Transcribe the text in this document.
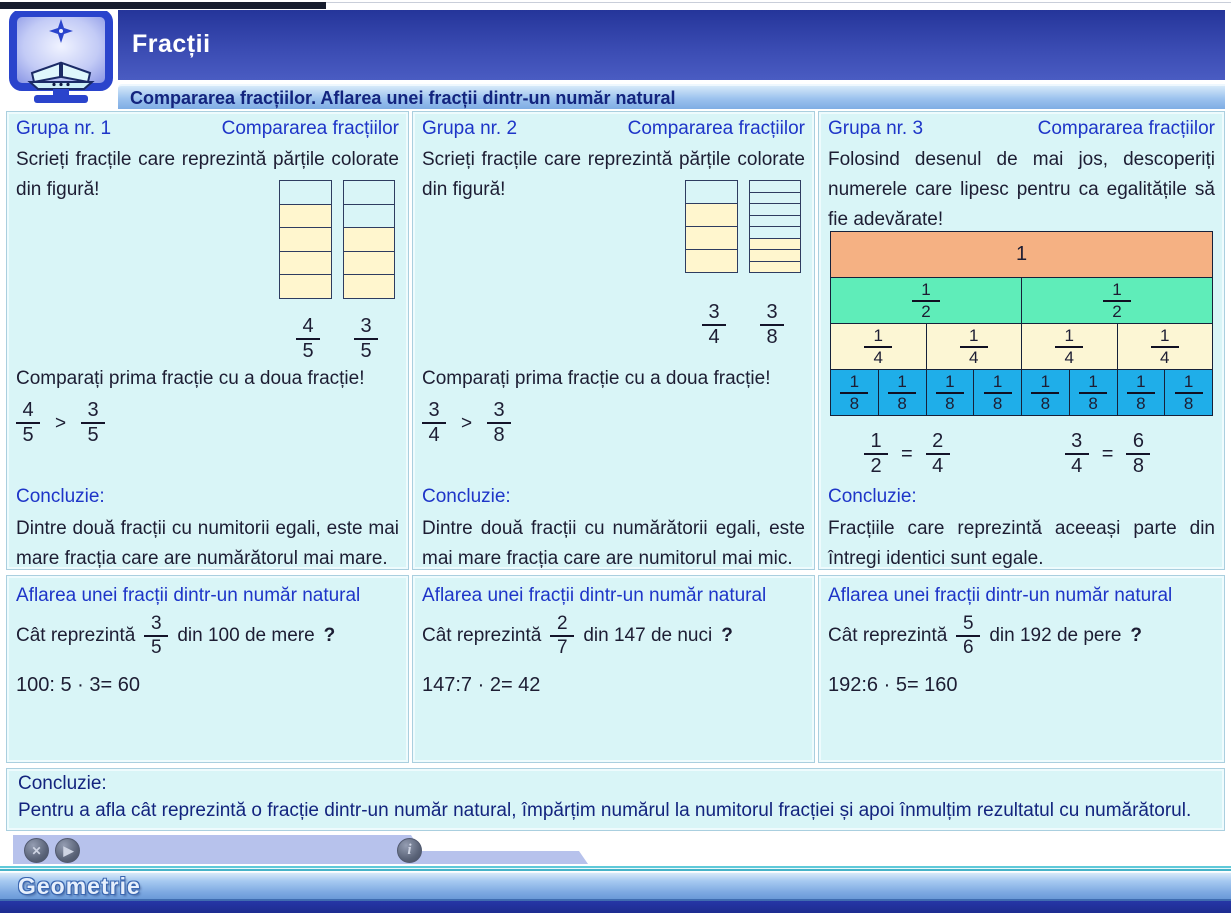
Fracții
Compararea fracțiilor. Aflarea unei fracții dintr-un număr natural
Grupa nr. 1	Compararea fracțiilor

Scrieți fracțile care reprezintă părțile colorate din figură!

$\frac{4}{5} \frac{3}{5}$

Comparați prima fracție cu a doua fracție!

$\frac{4}{5} > \frac{3}{5}$

Concluzie:

Dintre două fracții cu numitorii egali, este mai mare fracția care are numărătorul mai mare.

Grupa nr. 2	Compararea fracțiilor

Scrieți fracțile care reprezintă părțile colorate din figură!

$\frac{3}{4} \frac{3}{8}$

Comparați prima fracție cu a doua fracție!

$\frac{3}{4} > \frac{3}{8}$

Concluzie:

Dintre două fracții cu numărătorii egali, este mai mare fracția care are numitorul mai mic.

Grupa nr. 3	Compararea fracțiilor

Folosind desenul de mai jos, descoperiți numerele care lipesc pentru ca egalitățile să fie adevărate!

1
$\frac{1}{2}$	$\frac{1}{2}$
$\frac{1}{4}$	$\frac{1}{4}$	$\frac{1}{4}$	$\frac{1}{4}$
$\frac{1}{8} \frac{1}{8} \frac{1}{8} \frac{1}{8} \frac{1}{8} \frac{1}{8} \frac{1}{8} \frac{1}{8}$
$\frac{1}{2} = \frac{2}{4}$	$\frac{3}{4} = \frac{6}{8}$

Concluzie:

Fracțiile care reprezintă aceeași parte din întregi identici sunt egale.

Aflarea unei fracții dintr-un număr natural

Cât reprezintă $\frac{3}{5}$ din 100 de mere ?

100: 5 · 3= 60

Aflarea unei fracții dintr-un număr natural

Cât reprezintă $\frac{2}{7}$ din 147 de nuci ?

147:7 · 2= 42

Aflarea unei fracții dintr-un număr natural

Cât reprezintă $\frac{5}{6}$ din 192 de pere ?

192:6 · 5= 160

Concluzie:

Pentru a afla cât reprezintă o fracție dintr-un număr natural, împărțim numărul la numitorul fracției și apoi înmulțim rezultatul cu numărătorul.

✕ ▶	i
Geometrie
